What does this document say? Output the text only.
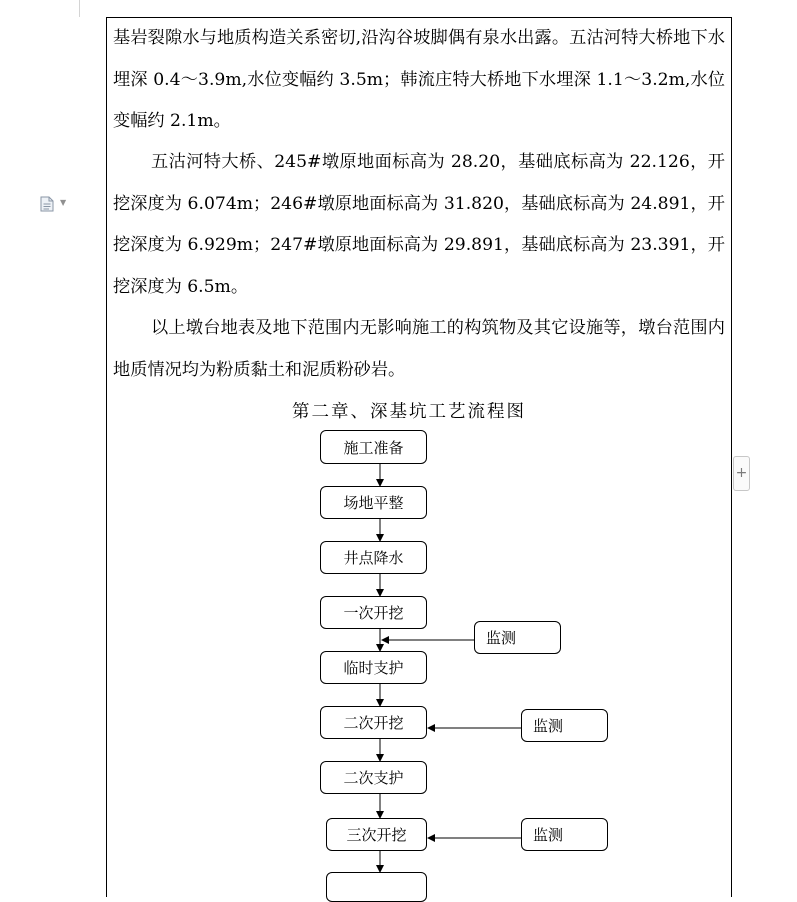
基岩裂隙水与地质构造关系密切,沿沟谷坡脚偶有泉水出露。五沽河特大桥地下水埋深 0.4～3.9m,水位变幅约 3.5m；韩流庄特大桥地下水埋深 1.1～3.2m,水位变幅约 2.1m。

五沽河特大桥、245#墩原地面标高为 28.20，基础底标高为 22.126，开挖深度为 6.074m；246#墩原地面标高为 31.820，基础底标高为 24.891，开挖深度为 6.929m；247#墩原地面标高为 29.891，基础底标高为 23.391，开挖深度为 6.5m。

以上墩台地表及地下范围内无影响施工的构筑物及其它设施等，墩台范围内地质情况均为粉质黏土和泥质粉砂岩。

▼
+
第二章、深基坑工艺流程图
施工准备
场地平整
井点降水
一次开挖
临时支护
二次开挖
二次支护
三次开挖
监测
监测
监测
